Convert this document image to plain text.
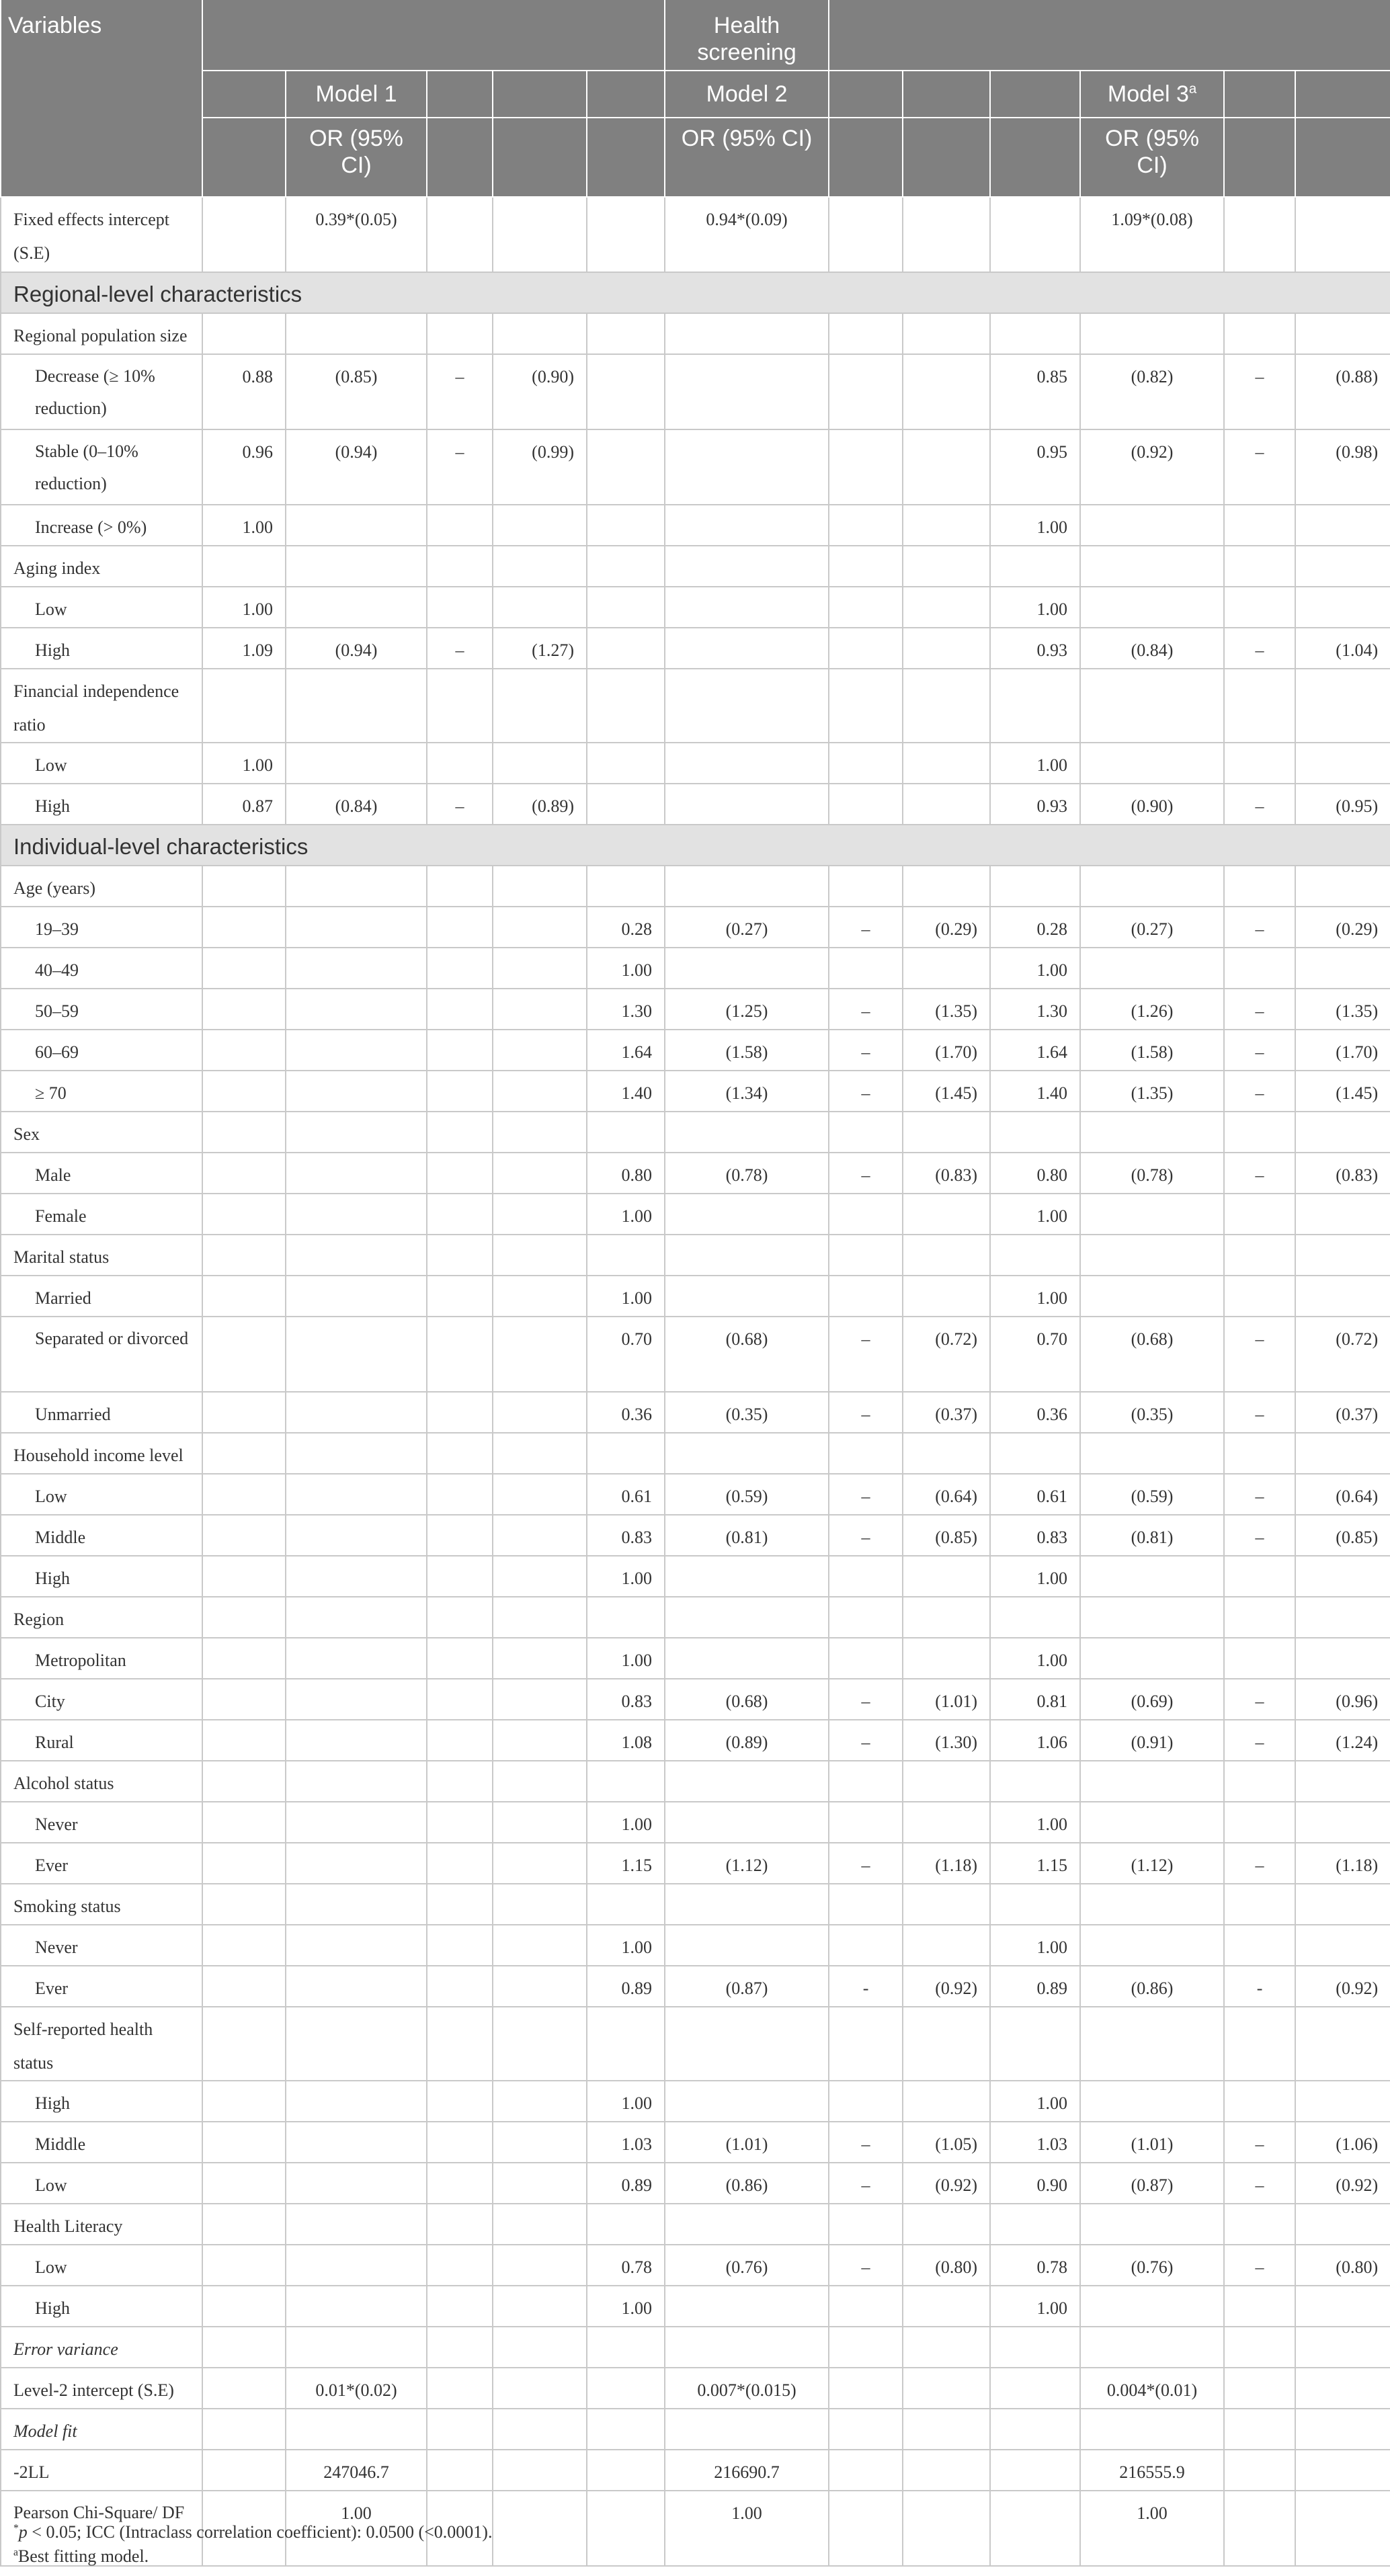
Variables						Health screening						
		Model 1				Model 2				Model 3$^a$		
		OR (95% CI)				OR (95% CI)				OR (95% CI)		
Fixed effects intercept (S.E)		0.39*(0.05)				0.94*(0.09)				1.09*(0.08)		
Regional-level characteristics												
Regional population size												
Decrease (≥ 10% reduction)	0.88	(0.85)	–	(0.90)					0.85	(0.82)	–	(0.88)
Stable (0–10% reduction)	0.96	(0.94)	–	(0.99)					0.95	(0.92)	–	(0.98)
Increase (> 0%)	1.00								1.00			
Aging index												
Low	1.00								1.00			
High	1.09	(0.94)	–	(1.27)					0.93	(0.84)	–	(1.04)
Financial independence ratio												
Low	1.00								1.00			
High	0.87	(0.84)	–	(0.89)					0.93	(0.90)	–	(0.95)
Individual-level characteristics												
Age (years)												
19–39					0.28	(0.27)	–	(0.29)	0.28	(0.27)	–	(0.29)
40–49					1.00				1.00			
50–59					1.30	(1.25)	–	(1.35)	1.30	(1.26)	–	(1.35)
60–69					1.64	(1.58)	–	(1.70)	1.64	(1.58)	–	(1.70)
≥ 70					1.40	(1.34)	–	(1.45)	1.40	(1.35)	–	(1.45)
Sex												
Male					0.80	(0.78)	–	(0.83)	0.80	(0.78)	–	(0.83)
Female					1.00				1.00			
Marital status												
Married					1.00				1.00			
Separated or divorced					0.70	(0.68)	–	(0.72)	0.70	(0.68)	–	(0.72)
Unmarried					0.36	(0.35)	–	(0.37)	0.36	(0.35)	–	(0.37)
Household income level												
Low					0.61	(0.59)	–	(0.64)	0.61	(0.59)	–	(0.64)
Middle					0.83	(0.81)	–	(0.85)	0.83	(0.81)	–	(0.85)
High					1.00				1.00			
Region												
Metropolitan					1.00				1.00			
City					0.83	(0.68)	–	(1.01)	0.81	(0.69)	–	(0.96)
Rural					1.08	(0.89)	–	(1.30)	1.06	(0.91)	–	(1.24)
Alcohol status												
Never					1.00				1.00			
Ever					1.15	(1.12)	–	(1.18)	1.15	(1.12)	–	(1.18)
Smoking status												
Never					1.00				1.00			
Ever					0.89	(0.87)	-	(0.92)	0.89	(0.86)	-	(0.92)
Self-reported health status												
High					1.00				1.00			
Middle					1.03	(1.01)	–	(1.05)	1.03	(1.01)	–	(1.06)
Low					0.89	(0.86)	–	(0.92)	0.90	(0.87)	–	(0.92)
Health Literacy												
Low					0.78	(0.76)	–	(0.80)	0.78	(0.76)	–	(0.80)
High					1.00				1.00			
Error variance												
Level-2 intercept (S.E)		0.01*(0.02)				0.007*(0.015)				0.004*(0.01)		
Model fit												
-2LL		247046.7				216690.7				216555.9		
Pearson Chi-Square/ DF		1.00				1.00				1.00		

*p < 0.05; ICC (Intraclass correlation coefficient): 0.0500 (<0.0001).

$^a$Best fitting model.
